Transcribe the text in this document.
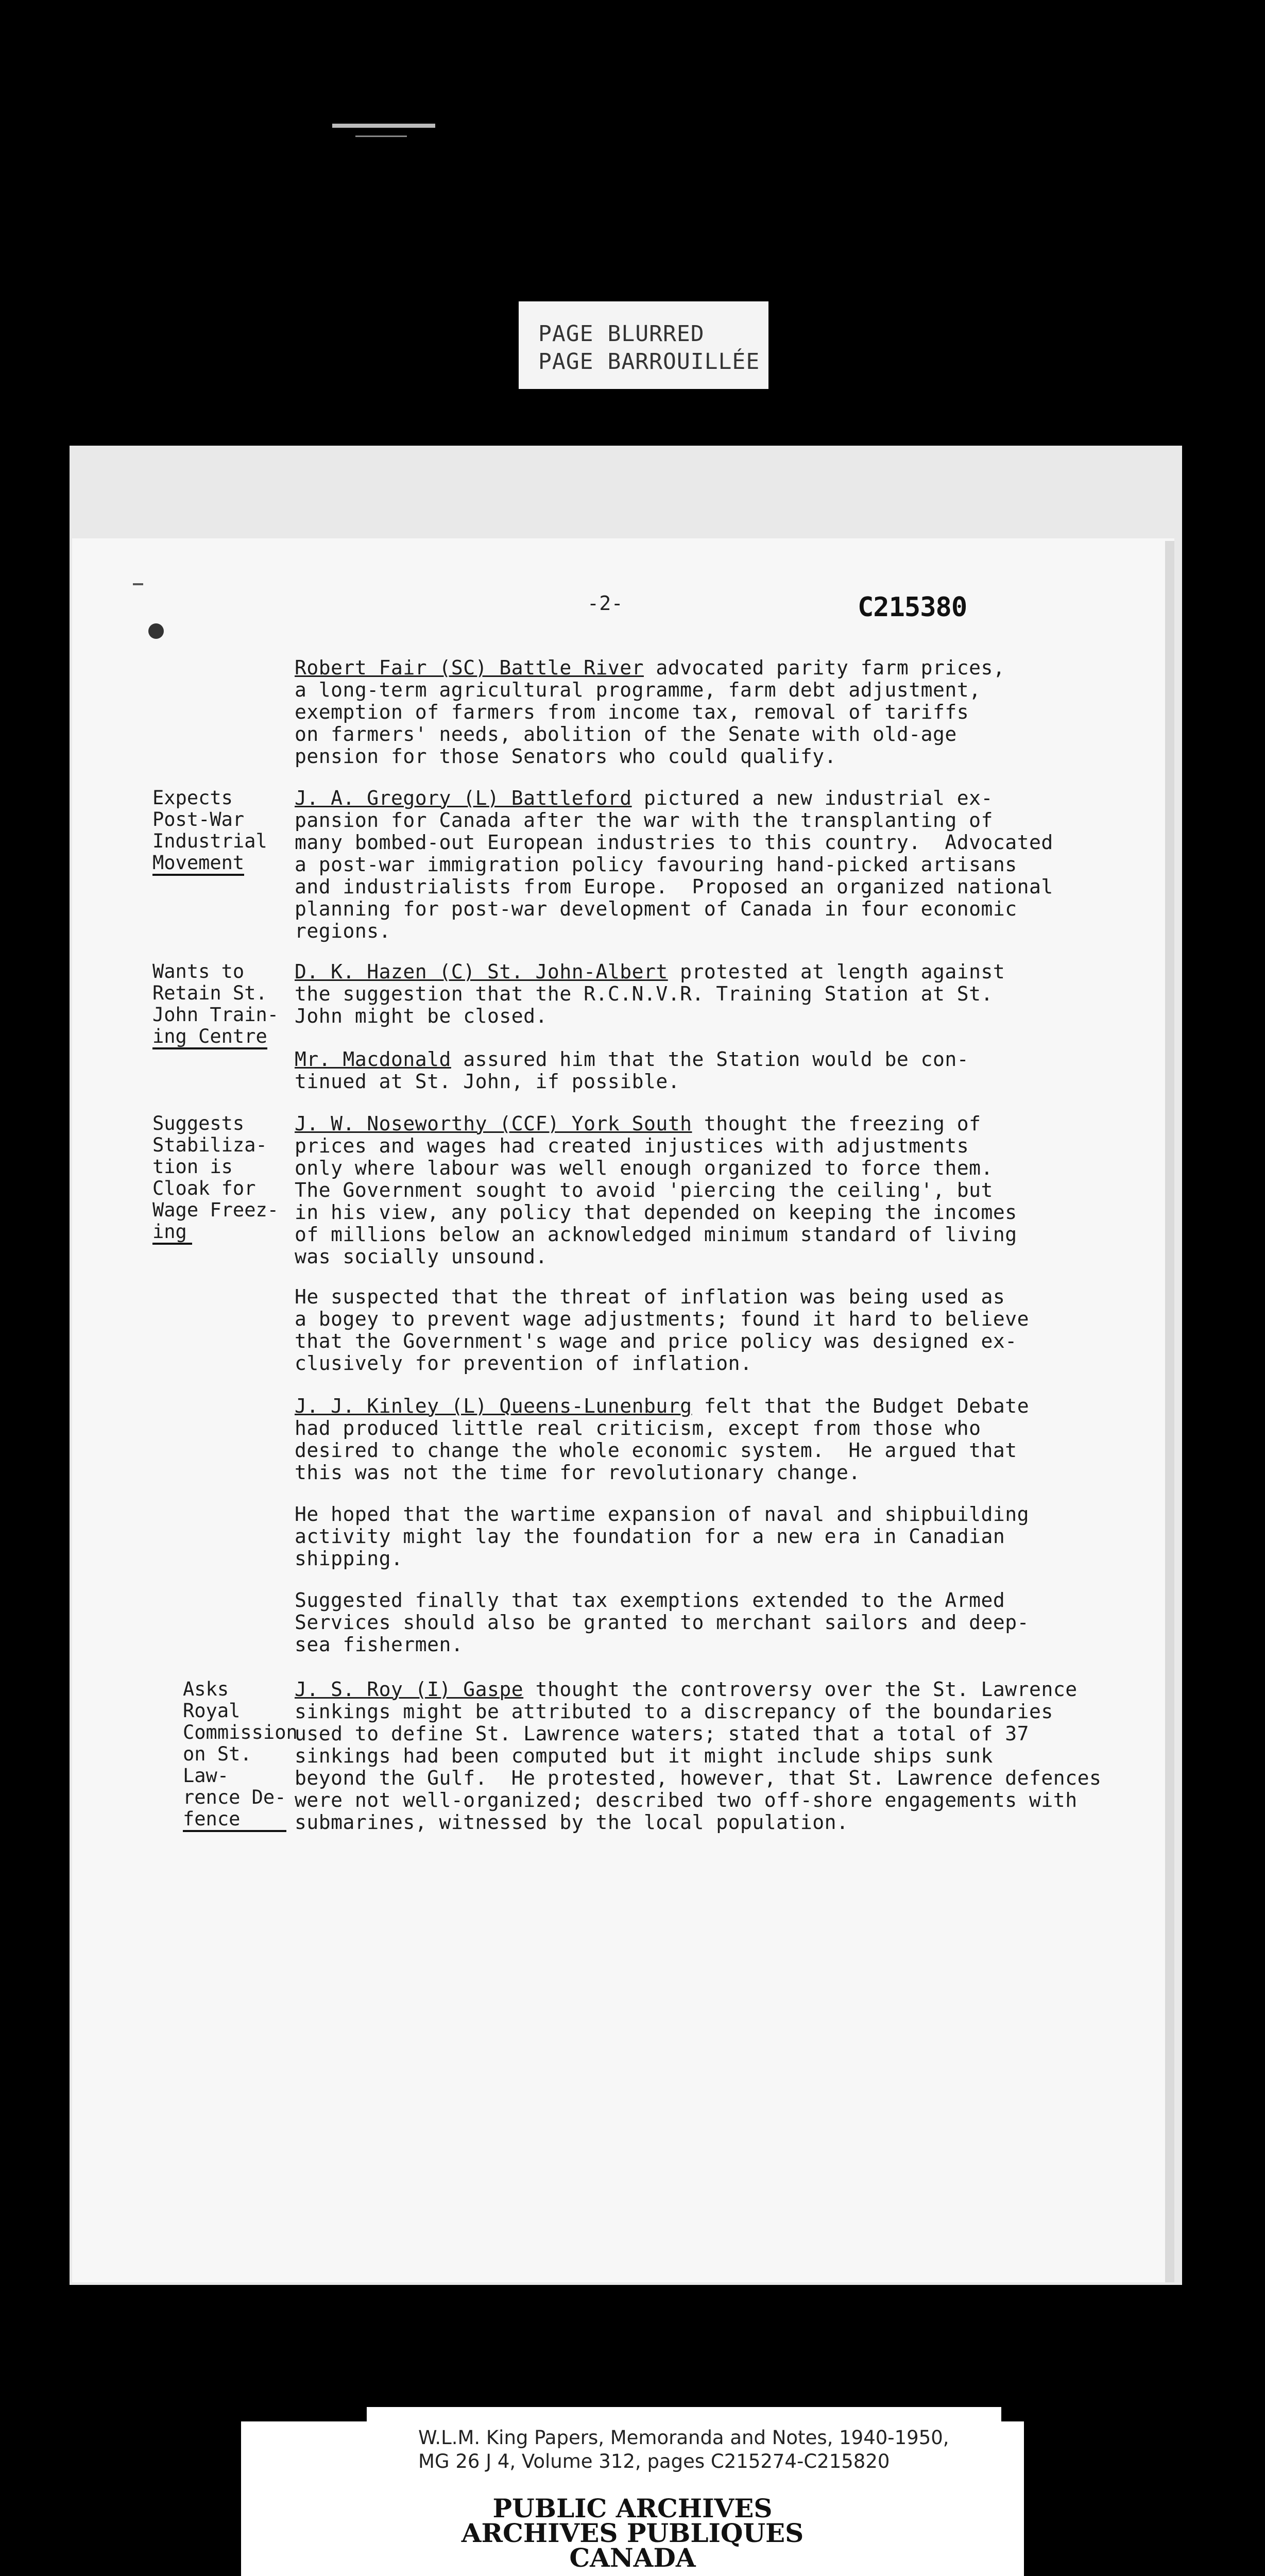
PAGE BLURRED
PAGE BARROUILLÉE
-2-	C215380
Robert Fair (SC) Battle River advocated parity farm prices,
a long-term agricultural programme, farm debt adjustment,
exemption of farmers from income tax, removal of tariffs
on farmers' needs, abolition of the Senate with old-age
pension for those Senators who could qualify.
Expects
Post-War
Industrial
Movement
J. A. Gregory (L) Battleford pictured a new industrial ex-
pansion for Canada after the war with the transplanting of
many bombed-out European industries to this country.  Advocated
a post-war immigration policy favouring hand-picked artisans
and industrialists from Europe.  Proposed an organized national
planning for post-war development of Canada in four economic
regions.
Wants to
Retain St.
John Train-
ing Centre
D. K. Hazen (C) St. John-Albert protested at length against
the suggestion that the R.C.N.V.R. Training Station at St.
John might be closed.
Mr. Macdonald assured him that the Station would be con-
tinued at St. John, if possible.
Suggests
Stabiliza-
tion is
Cloak for
Wage Freez-
ing
J. W. Noseworthy (CCF) York South thought the freezing of
prices and wages had created injustices with adjustments
only where labour was well enough organized to force them.
The Government sought to avoid 'piercing the ceiling', but
in his view, any policy that depended on keeping the incomes
of millions below an acknowledged minimum standard of living
was socially unsound.
He suspected that the threat of inflation was being used as
a bogey to prevent wage adjustments; found it hard to believe
that the Government's wage and price policy was designed ex-
clusively for prevention of inflation.
J. J. Kinley (L) Queens-Lunenburg felt that the Budget Debate
had produced little real criticism, except from those who
desired to change the whole economic system.  He argued that
this was not the time for revolutionary change.
He hoped that the wartime expansion of naval and shipbuilding
activity might lay the foundation for a new era in Canadian
shipping.
Suggested finally that tax exemptions extended to the Armed
Services should also be granted to merchant sailors and deep-
sea fishermen.
Asks
Royal
Commission
on St. Law-
rence De-
fence
J. S. Roy (I) Gaspe thought the controversy over the St. Lawrence
sinkings might be attributed to a discrepancy of the boundaries
used to define St. Lawrence waters; stated that a total of 37
sinkings had been computed but it might include ships sunk
beyond the Gulf.  He protested, however, that St. Lawrence defences
were not well-organized; described two off-shore engagements with
submarines, witnessed by the local population.
W.L.M. King Papers, Memoranda and Notes, 1940-1950,
MG 26 J 4, Volume 312, pages C215274-C215820
PUBLIC ARCHIVES
ARCHIVES PUBLIQUES
CANADA
